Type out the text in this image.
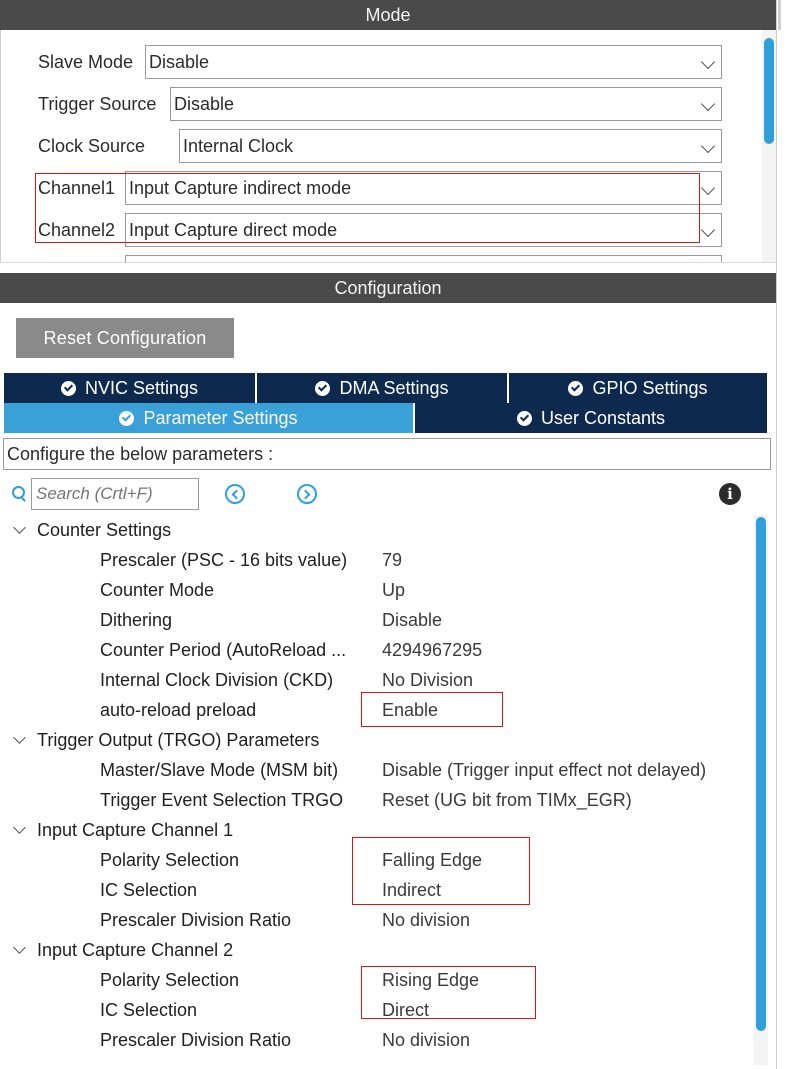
Mode
Slave Mode Disable
Trigger Source Disable
Clock Source Internal Clock
Channel1 Input Capture indirect mode
Channel2 Input Capture direct mode
Configuration
Reset Configuration
NVIC Settings	DMA Settings	GPIO Settings
Parameter Settings	User Constants
Configure the below parameters :
Search (Crtl+F)
i
Counter Settings
Prescaler (PSC - 16 bits value) 79
Counter Mode	Up
Dithering	Disable
Counter Period (AutoReload ... 4294967295
Internal Clock Division (CKD)	No Division
auto-reload preload	Enable
Trigger Output (TRGO) Parameters
Master/Slave Mode (MSM bit) Disable (Trigger input effect not delayed)
Trigger Event Selection TRGO Reset (UG bit from TIMx_EGR)
Input Capture Channel 1
Polarity Selection	Falling Edge
IC Selection	Indirect
Prescaler Division Ratio	No division
Input Capture Channel 2
Polarity Selection	Rising Edge
IC Selection	Direct
Prescaler Division Ratio	No division
